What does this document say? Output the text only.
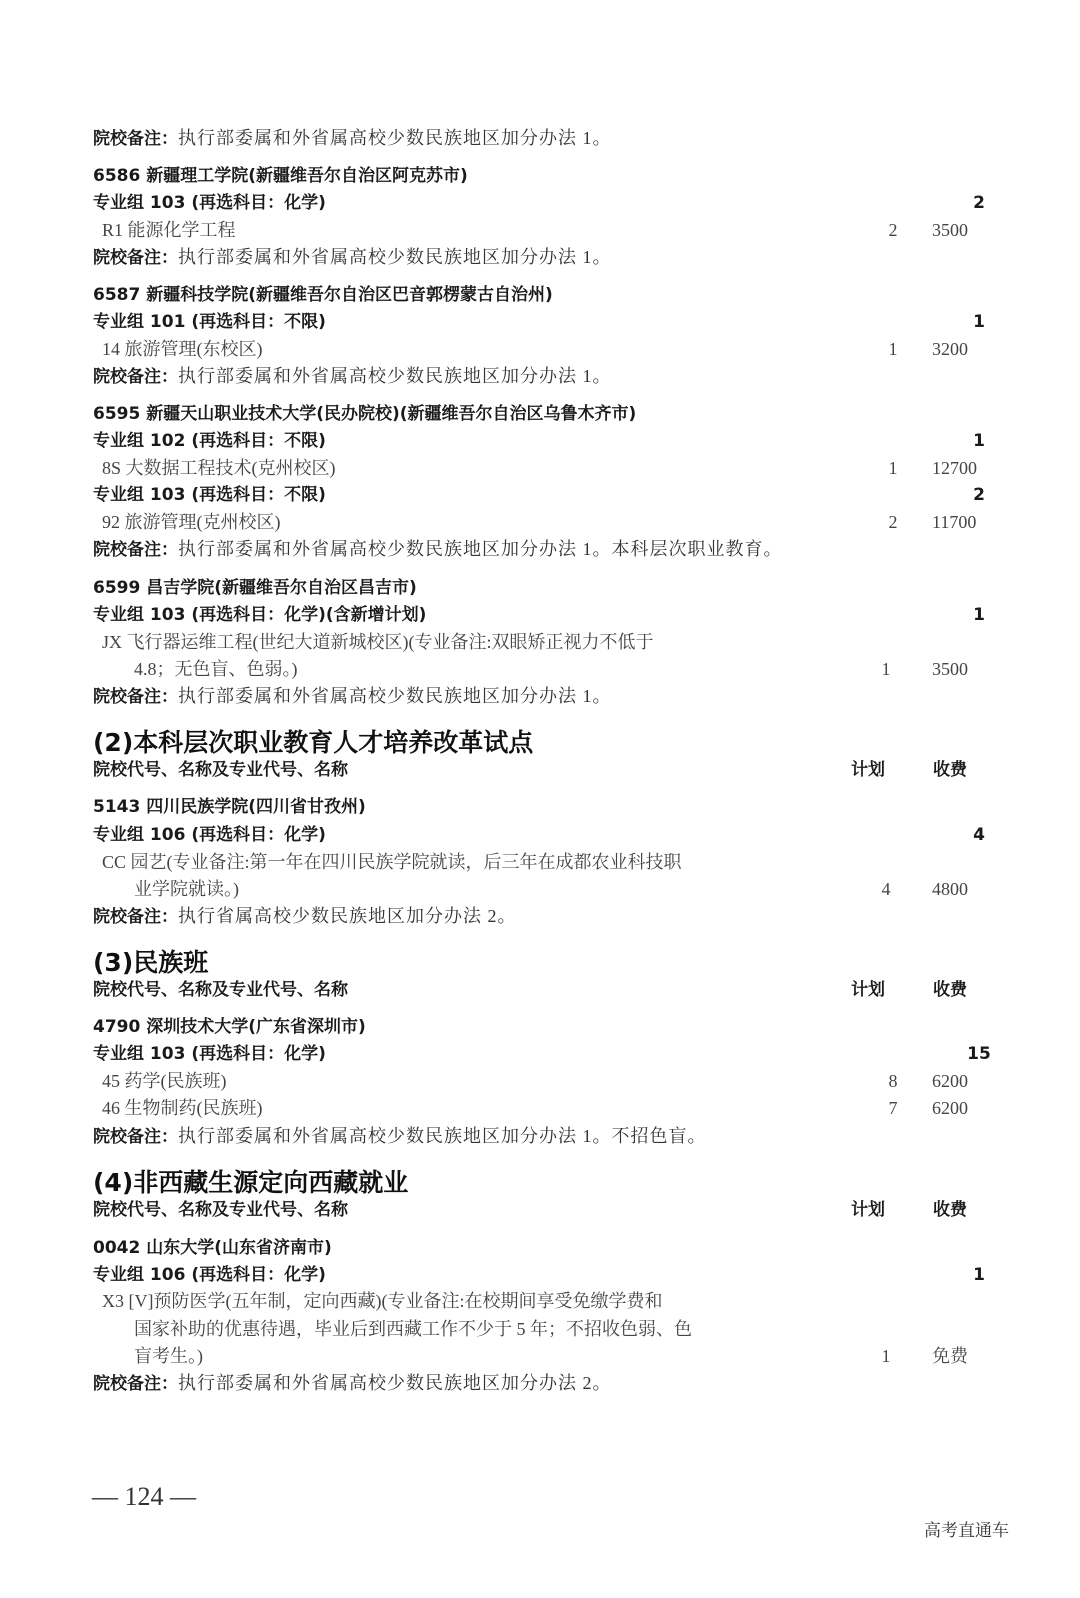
院校备注：执行部委属和外省属高校少数民族地区加分办法 1。
6586 新疆理工学院(新疆维吾尔自治区阿克苏市)
专业组 103 (再选科目：化学)	2
R1 能源化学工程	2	3500
院校备注：执行部委属和外省属高校少数民族地区加分办法 1。
6587 新疆科技学院(新疆维吾尔自治区巴音郭楞蒙古自治州)
专业组 101 (再选科目：不限)	1
14 旅游管理(东校区)	1	3200
院校备注：执行部委属和外省属高校少数民族地区加分办法 1。
6595 新疆天山职业技术大学(民办院校)(新疆维吾尔自治区乌鲁木齐市)
专业组 102 (再选科目：不限)	1
8S 大数据工程技术(克州校区)	1	12700
专业组 103 (再选科目：不限)	2
92 旅游管理(克州校区)	2	11700
院校备注：执行部委属和外省属高校少数民族地区加分办法 1。本科层次职业教育。
6599 昌吉学院(新疆维吾尔自治区昌吉市)
专业组 103 (再选科目：化学)(含新增计划)	1
JX 飞行器运维工程(世纪大道新城校区)(专业备注:双眼矫正视力不低于
4.8；无色盲、色弱。)	1	3500
院校备注：执行部委属和外省属高校少数民族地区加分办法 1。
(2)本科层次职业教育人才培养改革试点
院校代号、名称及专业代号、名称	计划	收费
5143 四川民族学院(四川省甘孜州)
专业组 106 (再选科目：化学)	4
CC 园艺(专业备注:第一年在四川民族学院就读，后三年在成都农业科技职
业学院就读。)	4	4800
院校备注：执行省属高校少数民族地区加分办法 2。
(3)民族班
院校代号、名称及专业代号、名称	计划	收费
4790 深圳技术大学(广东省深圳市)
专业组 103 (再选科目：化学)	15
45 药学(民族班)	8	6200
46 生物制药(民族班)	7	6200
院校备注：执行部委属和外省属高校少数民族地区加分办法 1。不招色盲。
(4)非西藏生源定向西藏就业
院校代号、名称及专业代号、名称	计划	收费
0042 山东大学(山东省济南市)
专业组 106 (再选科目：化学)	1
X3 [V]预防医学(五年制，定向西藏)(专业备注:在校期间享受免缴学费和
国家补助的优惠待遇，毕业后到西藏工作不少于 5 年；不招收色弱、色
盲考生。)	1	免费
院校备注：执行部委属和外省属高校少数民族地区加分办法 2。
— 124 —
高考直通车
